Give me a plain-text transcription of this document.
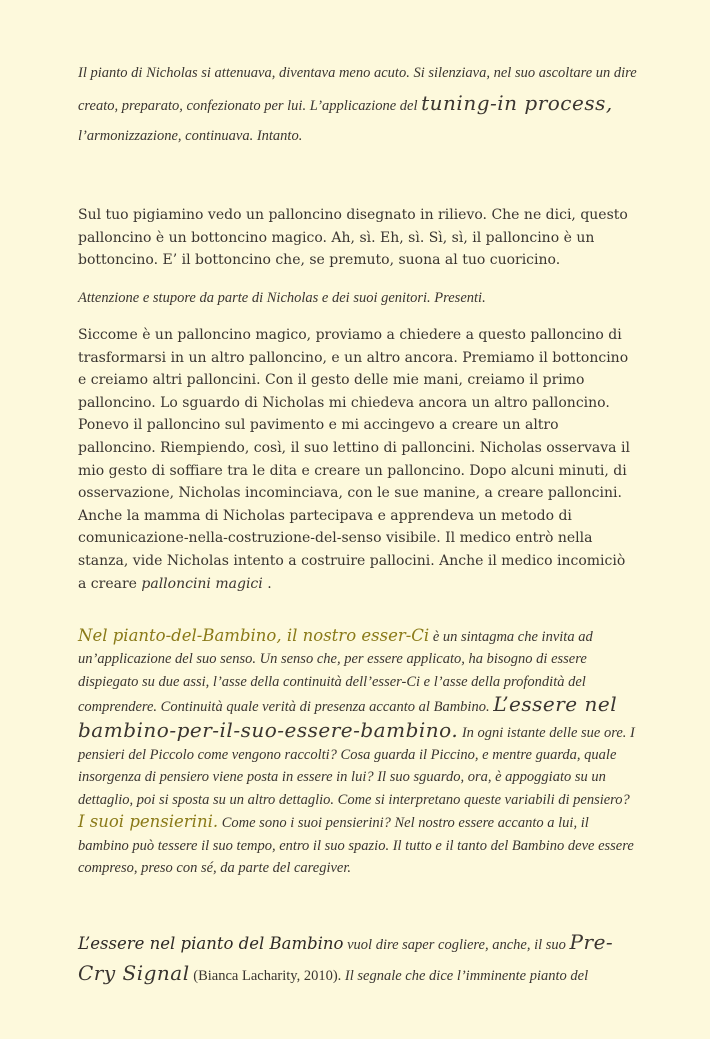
Il pianto di Nicholas si attenuava, diventava meno acuto. Si silenziava, nel suo ascoltare un dire creato, preparato, confezionato per lui. L’applicazione del tuning-in process, l’armonizzazione, continuava. Intanto.

Sul tuo pigiamino vedo un palloncino disegnato in rilievo. Che ne dici, questo palloncino è un bottoncino magico. Ah, sì. Eh, sì. Sì, sì, il palloncino è un bottoncino. E’ il bottoncino che, se premuto, suona al tuo cuoricino.

Attenzione e stupore da parte di Nicholas e dei suoi genitori. Presenti.

Siccome è un palloncino magico, proviamo a chiedere a questo palloncino di trasformarsi in un altro palloncino, e un altro ancora. Premiamo il bottoncino e creiamo altri palloncini. Con il gesto delle mie mani, creiamo il primo palloncino. Lo sguardo di Nicholas mi chiedeva ancora un altro palloncino. Ponevo il palloncino sul pavimento e mi accingevo a creare un altro palloncino. Riempiendo, così, il suo lettino di palloncini. Nicholas osservava il mio gesto di soffiare tra le dita e creare un palloncino. Dopo alcuni minuti, di osservazione, Nicholas incominciava, con le sue manine, a creare palloncini. Anche la mamma di Nicholas partecipava e apprendeva un metodo di comunicazione-nella-costruzione-del-senso visibile. Il medico entrò nella stanza, vide Nicholas intento a costruire pallocini. Anche il medico incomiciò a creare palloncini magici .

Nel pianto-del-Bambino, il nostro esser-Ci è un sintagma che invita ad un’applicazione del suo senso. Un senso che, per essere applicato, ha bisogno di essere dispiegato su due assi, l’asse della continuità dell’esser-Ci e l’asse della profondità del comprendere. Continuità quale verità di presenza accanto al Bambino. L’essere nel bambino-per-il-suo-essere-bambino. In ogni istante delle sue ore. I pensieri del Piccolo come vengono raccolti? Cosa guarda il Piccino, e mentre guarda, quale insorgenza di pensiero viene posta in essere in lui? Il suo sguardo, ora, è appoggiato su un dettaglio, poi si sposta su un altro dettaglio. Come si interpretano queste variabili di pensiero? I suoi pensierini. Come sono i suoi pensierini? Nel nostro essere accanto a lui, il bambino può tessere il suo tempo, entro il suo spazio. Il tutto e il tanto del Bambino deve essere compreso, preso con sé, da parte del caregiver.

L’essere nel pianto del Bambino vuol dire saper cogliere, anche, il suo Pre-Cry Signal (Bianca Lacharity, 2010). Il segnale che dice l’imminente pianto del
